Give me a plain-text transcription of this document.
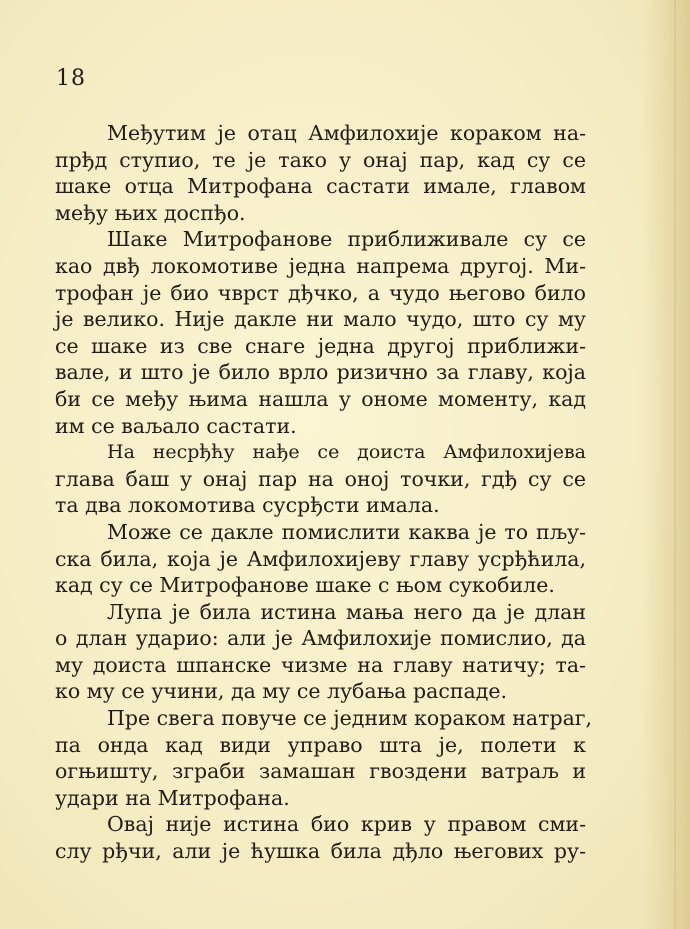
18
Међутим је отац Амфилохије кораком на-
прђд ступио, те је тако у онај пар, кад су се
шаке отца Митрофана састати имале, главом
међу њих доспђо.
Шаке Митрофанове приближивале су се
као двђ локомотиве једна напрема другој. Ми-
трофан је био чврст дђчко, а чудо његово било
је велико. Није дакле ни мало чудо, што су му
се шаке из све снаге једна другој приближи-
вале, и што је било врло ризично за главу, која
би се међу њима нашла у ономе моменту, кад
им се ваљало састати.
На несрђћу нађе се доиста Амфилохијева
глава баш у онај пар на оној точки, гдђ су се
та два локомотива сусрђсти имала.
Може се дакле помислити каква је то пљу-
ска била, која је Амфилохијеву главу усрђћила,
кад су се Митрофанове шаке с њом сукобиле.
Лупа је била истина мања него да је длан
о длан ударио: али је Амфилохије помислио, да
му доиста шпанске чизме на главу натичу; та-
ко му се учини, да му се лубања распаде.
Пре свега повуче се једним кораком натраг,
па онда кад види управо шта је, полети к
огњишту, зграби замашан гвоздени ватраљ и
удари на Митрофана.
Овај није истина био крив у правом сми-
слу рђчи, али је ћушка била дђло његових ру-
